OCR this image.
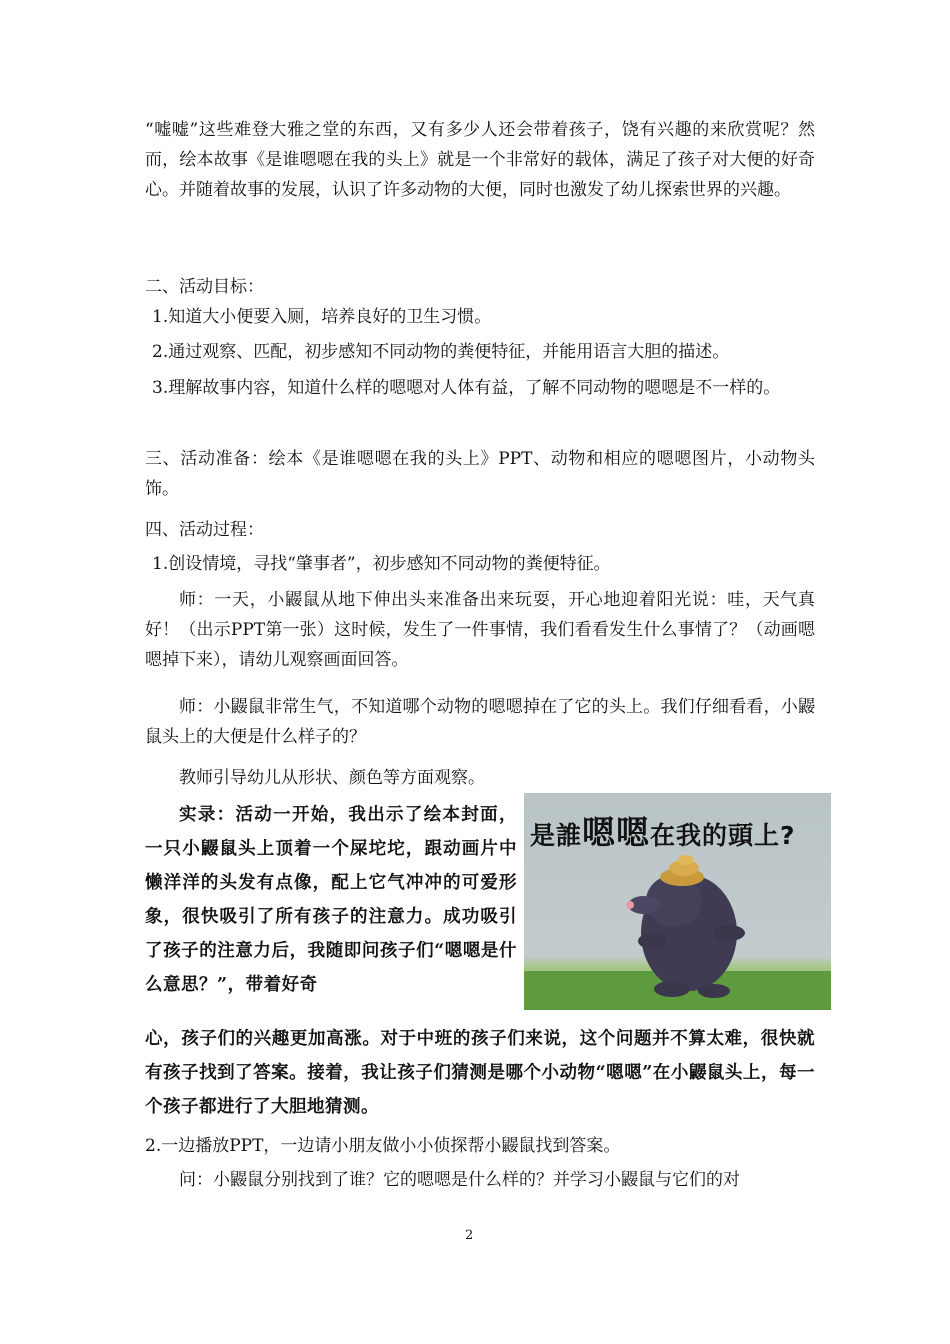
“嘘嘘”这些难登大雅之堂的东西，又有多少人还会带着孩子，饶有兴趣的来欣赏呢？然而，绘本故事《是谁嗯嗯在我的头上》就是一个非常好的载体，满足了孩子对大便的好奇心。并随着故事的发展，认识了许多动物的大便，同时也激发了幼儿探索世界的兴趣。

二、活动目标：

1.知道大小便要入厕，培养良好的卫生习惯。

2.通过观察、匹配，初步感知不同动物的粪便特征，并能用语言大胆的描述。

3.理解故事内容，知道什么样的嗯嗯对人体有益，了解不同动物的嗯嗯是不一样的。

三、活动准备：绘本《是谁嗯嗯在我的头上》PPT、动物和相应的嗯嗯图片，小动物头饰。

四、活动过程：

1.创设情境，寻找“肇事者”，初步感知不同动物的粪便特征。

师：一天，小鼹鼠从地下伸出头来准备出来玩耍，开心地迎着阳光说：哇，天气真好！（出示PPT第一张）这时候，发生了一件事情，我们看看发生什么事情了？（动画嗯嗯掉下来），请幼儿观察画面回答。

师：小鼹鼠非常生气，不知道哪个动物的嗯嗯掉在了它的头上。我们仔细看看，小鼹鼠头上的大便是什么样子的？

教师引导幼儿从形状、颜色等方面观察。

实录：活动一开始，我出示了绘本封面，一只小鼹鼠头上顶着一个屎坨坨，跟动画片中懒洋洋的头发有点像，配上它气冲冲的可爱形象，很快吸引了所有孩子的注意力。成功吸引了孩子的注意力后，我随即问孩子们“嗯嗯是什么意思？”，带着好奇

心，孩子们的兴趣更加高涨。对于中班的孩子们来说，这个问题并不算太难，很快就有孩子找到了答案。接着，我让孩子们猜测是哪个小动物“嗯嗯”在小鼹鼠头上，每一个孩子都进行了大胆地猜测。

2.一边播放PPT，一边请小朋友做小小侦探帮小鼹鼠找到答案。

问：小鼹鼠分别找到了谁？它的嗯嗯是什么样的？并学习小鼹鼠与它们的对

是誰嗯嗯在我的頭上?
2
